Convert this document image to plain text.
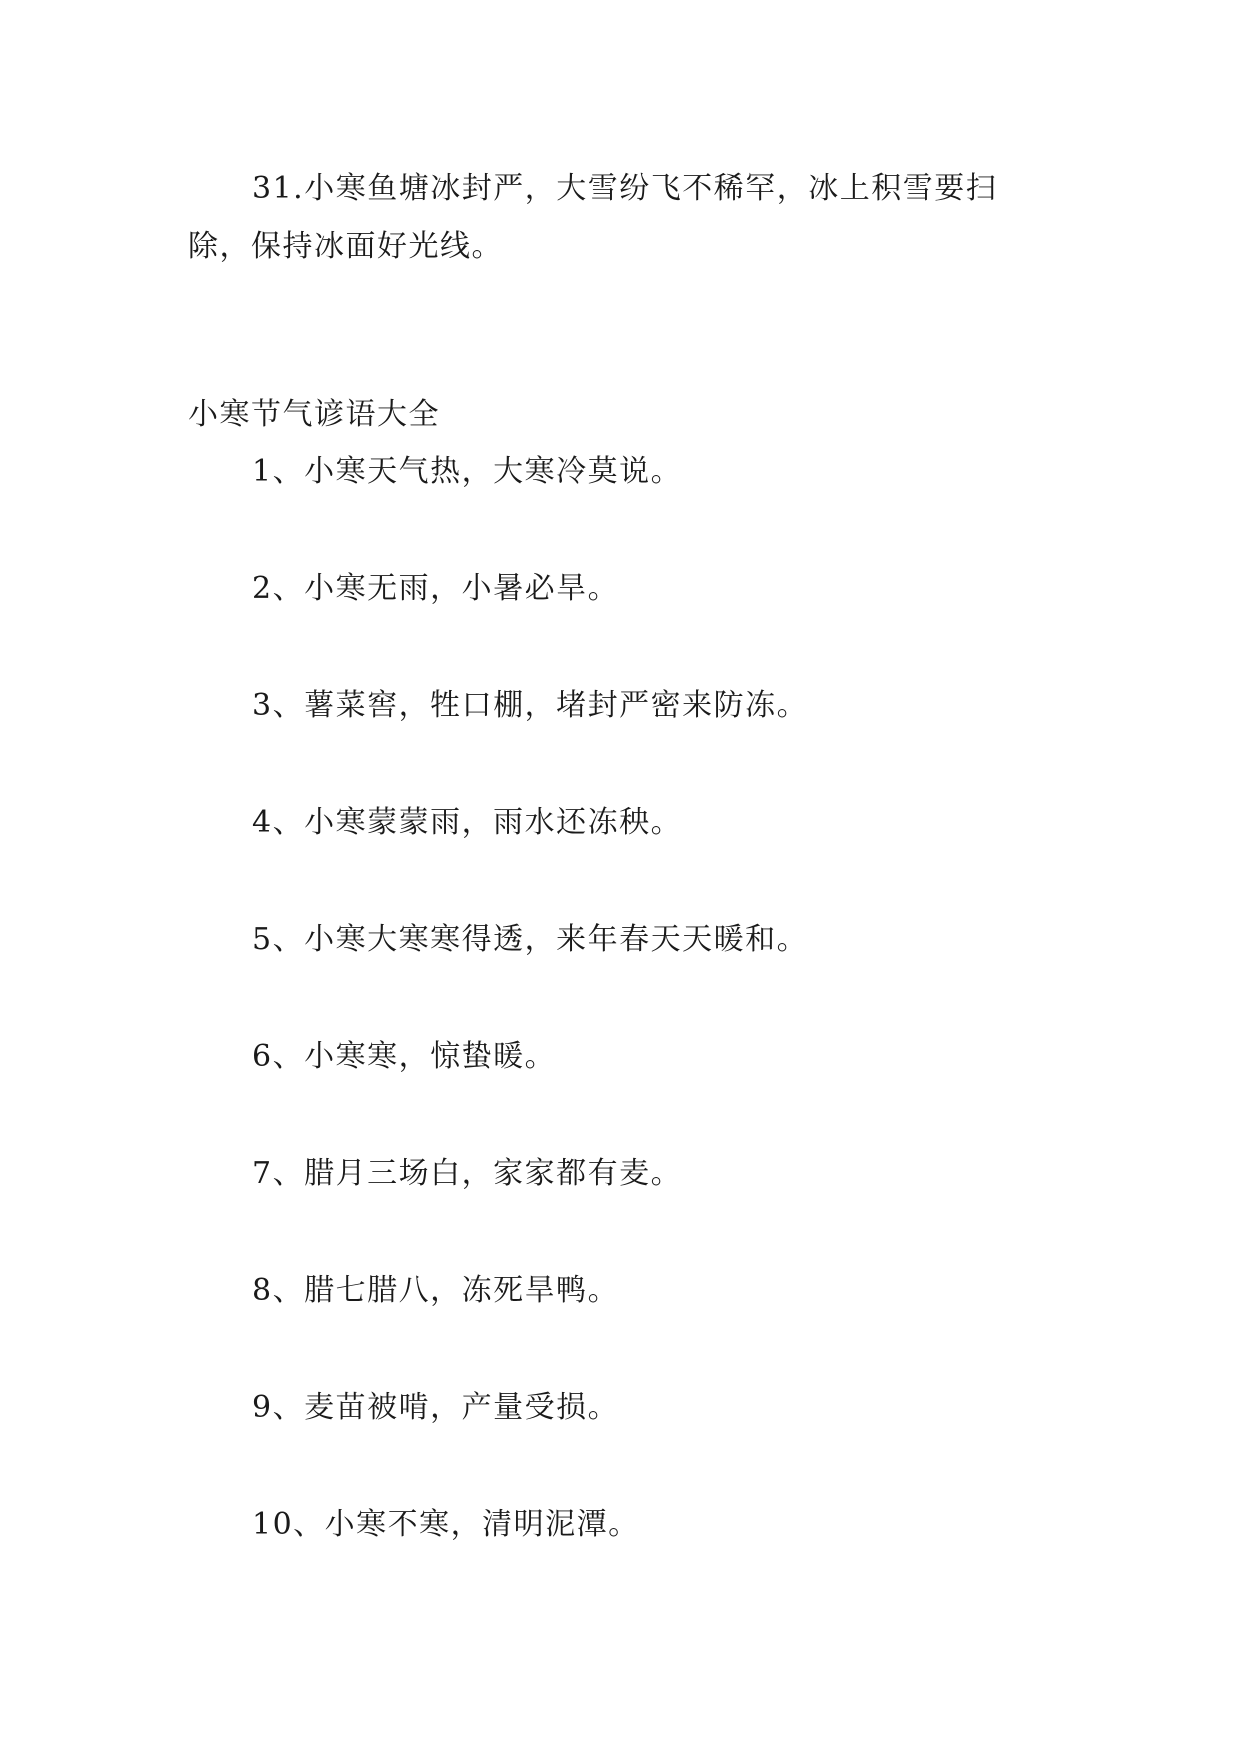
31.小寒鱼塘冰封严，大雪纷飞不稀罕，冰上积雪要扫除，保持冰面好光线。

小寒节气谚语大全

1、小寒天气热，大寒冷莫说。
2、小寒无雨，小暑必旱。
3、薯菜窖，牲口棚，堵封严密来防冻。
4、小寒蒙蒙雨，雨水还冻秧。
5、小寒大寒寒得透，来年春天天暖和。
6、小寒寒，惊蛰暖。
7、腊月三场白，家家都有麦。
8、腊七腊八，冻死旱鸭。
9、麦苗被啃，产量受损。
10、小寒不寒，清明泥潭。
